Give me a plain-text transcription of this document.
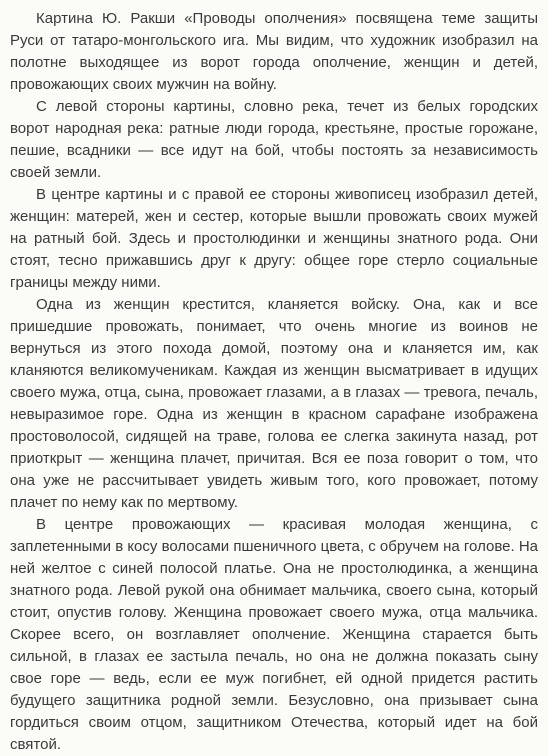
Картина Ю. Ракши «Проводы ополчения» посвящена теме защиты Руси от татаро-монгольского ига. Мы видим, что художник изобразил на полотне выходящее из ворот города ополчение, женщин и детей, провожающих своих мужчин на войну.

С левой стороны картины, словно река, течет из белых городских ворот народная река: ратные люди города, крестьяне, простые горожане, пешие, всадники — все идут на бой, чтобы постоять за независимость своей земли.

В центре картины и с правой ее стороны живописец изобразил детей, женщин: матерей, жен и сестер, которые вышли провожать своих мужей на ратный бой. Здесь и простолюдинки и женщины знатного рода. Они стоят, тесно прижавшись друг к другу: общее горе стерло социальные границы между ними.

Одна из женщин крестится, кланяется войску. Она, как и все пришедшие провожать, понимает, что очень многие из воинов не вернуться из этого похода домой, поэтому она и кланяется им, как кланяются великомученикам. Каждая из женщин высматривает в идущих своего мужа, отца, сына, провожает глазами, а в глазах — тревога, печаль, невыразимое горе. Одна из женщин в красном сарафане изображена простоволосой, сидящей на траве, голова ее слегка закинута назад, рот приоткрыт — женщина плачет, причитая. Вся ее поза говорит о том, что она уже не рассчитывает увидеть живым того, кого провожает, потому плачет по нему как по мертвому.

В центре провожающих — красивая молодая женщина, с заплетенными в косу волосами пшеничного цвета, с обручем на голове. На ней желтое с синей полосой платье. Она не простолюдинка, а женщина знатного рода. Левой рукой она обнимает мальчика, своего сына, который стоит, опустив голову. Женщина провожает своего мужа, отца мальчика. Скорее всего, он возглавляет ополчение. Женщина старается быть сильной, в глазах ее застыла печаль, но она не должна показать сыну свое горе — ведь, если ее муж погибнет, ей одной придется растить будущего защитника родной земли. Безусловно, она призывает сына гордиться своим отцом, защитником Отечества, который идет на бой святой.
